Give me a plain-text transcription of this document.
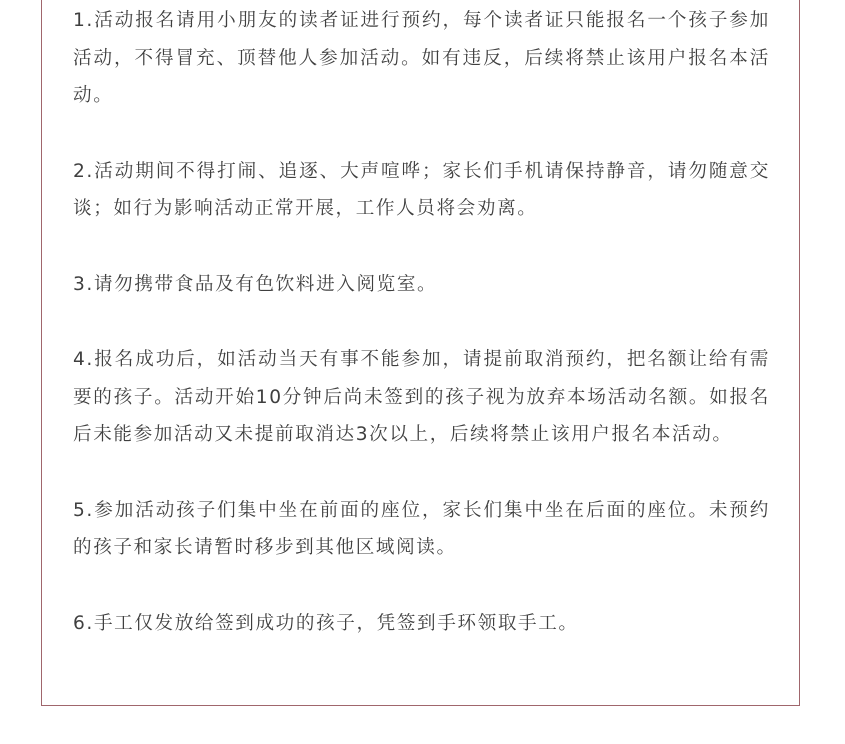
1.活动报名请用小朋友的读者证进行预约，每个读者证只能报名一个孩子参加活动，不得冒充、顶替他人参加活动。如有违反，后续将禁止该用户报名本活动。

2.活动期间不得打闹、追逐、大声喧哗；家长们手机请保持静音，请勿随意交谈；如行为影响活动正常开展，工作人员将会劝离。

3.请勿携带食品及有色饮料进入阅览室。

4.报名成功后，如活动当天有事不能参加，请提前取消预约，把名额让给有需要的孩子。活动开始10分钟后尚未签到的孩子视为放弃本场活动名额。如报名后未能参加活动又未提前取消达3次以上，后续将禁止该用户报名本活动。

5.参加活动孩子们集中坐在前面的座位，家长们集中坐在后面的座位。未预约的孩子和家长请暂时移步到其他区域阅读。

6.手工仅发放给签到成功的孩子，凭签到手环领取手工。
